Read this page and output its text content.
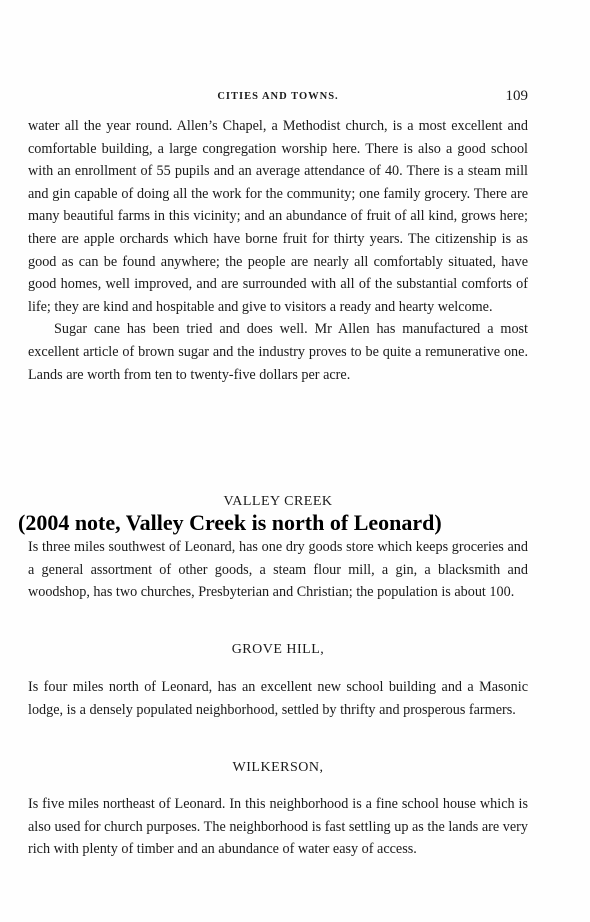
CITIES AND TOWNS.	109

water all the year round. Allen’s Chapel, a Methodist church, is a most excellent and comfortable building, a large congregation worship here. There is also a good school with an enrollment of 55 pupils and an average attendance of 40. There is a steam mill and gin capable of doing all the work for the community; one family grocery. There are many beautiful farms in this vicinity; and an abundance of fruit of all kind, grows here; there are apple orchards which have borne fruit for thirty years. The citizenship is as good as can be found anywhere; the people are nearly all comfortably situated, have good homes, well improved, and are surrounded with all of the substantial comforts of life; they are kind and hospitable and give to visitors a ready and hearty welcome.

Sugar cane has been tried and does well. Mr Allen has manufactured a most excellent article of brown sugar and the industry proves to be quite a remunerative one. Lands are worth from ten to twenty-five dollars per acre.

VALLEY CREEK
(2004 note, Valley Creek is north of Leonard)

Is three miles southwest of Leonard, has one dry goods store which keeps groceries and a general assortment of other goods, a steam flour mill, a gin, a blacksmith and woodshop, has two churches, Presbyterian and Christian; the population is about 100.

GROVE HILL,

Is four miles north of Leonard, has an excellent new school building and a Masonic lodge, is a densely populated neighborhood, settled by thrifty and prosperous farmers.

WILKERSON,

Is five miles northeast of Leonard. In this neighborhood is a fine school house which is also used for church purposes. The neighborhood is fast settling up as the lands are very rich with plenty of timber and an abundance of water easy of access.
